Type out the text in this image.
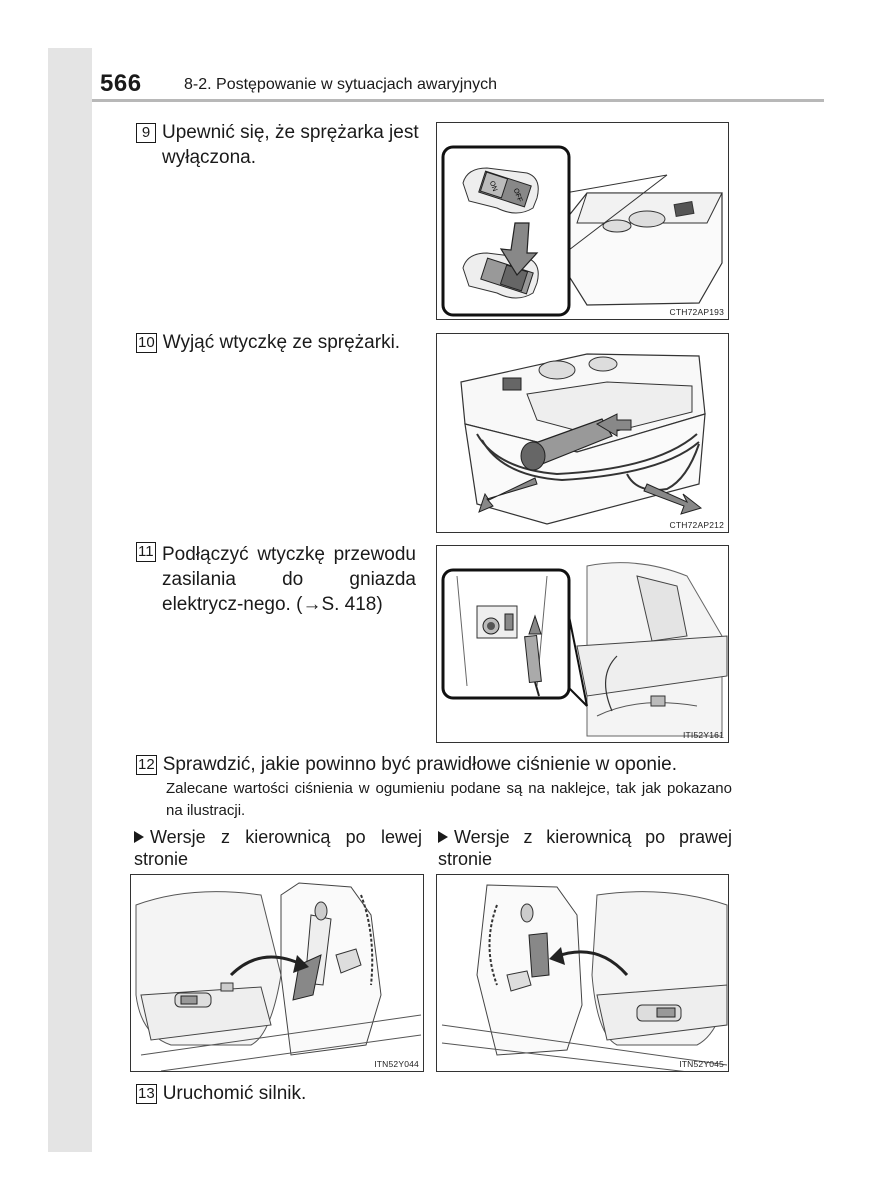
566	8-2. Postępowanie w sytuacjach awaryjnych
9 Upewnić się, że sprężarka jest wyłączona.
ON
OFF
CTH72AP193
10 Wyjąć wtyczkę ze sprężarki.
CTH72AP212
11 Podłączyć wtyczkę przewodu zasilania do gniazda elektrycz-nego. (→S. 418)
ITI52Y161
12 Sprawdzić, jakie powinno być prawidłowe ciśnienie w oponie.
Zalecane wartości ciśnienia w ogumieniu podane są na naklejce, tak jak pokazano na ilustracji.
Wersje z kierownicą po lewej stronie
Wersje z kierownicą po prawej stronie
ITN52Y044	ITN52Y045
13 Uruchomić silnik.
